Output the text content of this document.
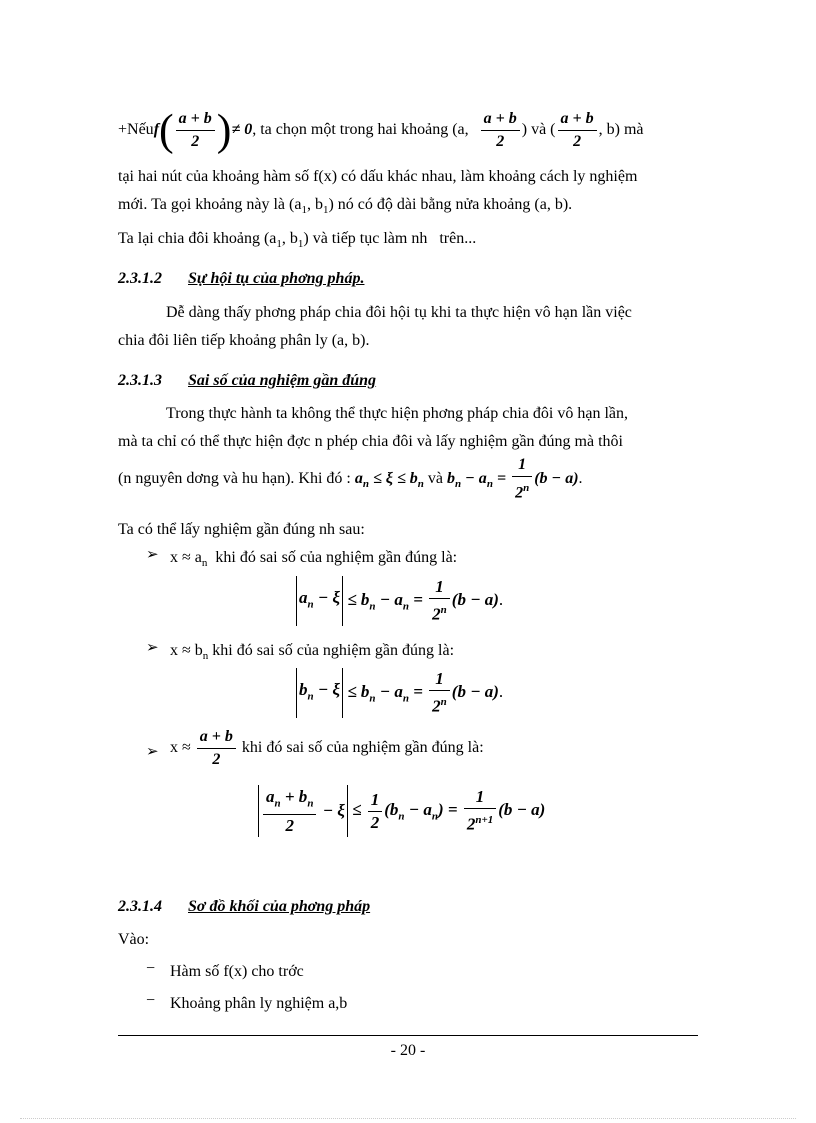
+Nếuf( $\frac{a + b}{2}$ )≠ 0, ta chọn một trong hai khoảng (a, $\frac{a + b}{2}$ ) và ( $\frac{a + b}{2}$ , b) mà
tại hai nút của khoảng hàm số f(x) có dấu khác nhau, làm khoảng cách ly nghiệm
mới. Ta gọi khoảng này là ($a_1$, $b_1$) nó có độ dài bằng nửa khoảng (a, b).
Ta lại chia đôi khoảng ($a_1$, $b_1$) và tiếp tục làm nh   trên...
2.3.1.2 Sự hội tụ của phơng pháp.
Dễ dàng thấy phơng pháp chia đôi hội tụ khi ta thực hiện vô hạn lần việc
chia đôi liên tiếp khoảng phân ly (a, b).
2.3.1.3 Sai số của nghiệm gần đúng
Trong thực hành ta không thể thực hiện phơng pháp chia đôi vô hạn lần,
mà ta chỉ có thể thực hiện đợc n phép chia đôi và lấy nghiệm gần đúng mà thôi
(n nguyên dơng và hu hạn). Khi đó : $a_n \le \xi \le b_n$ và $b_n - a_n = \frac{1}{2^n} (b - a)$.
Ta có thể lấy nghiệm gần đúng nh sau:
➢ $x \approx a_n$ khi đó sai số của nghiệm gần đúng là:
$a_n - \xi \le b_n - a_n = \frac{1}{2^n} (b - a)$.
➢ $x \approx b_n$ khi đó sai số của nghiệm gần đúng là:
$b_n - \xi \le b_n - a_n = \frac{1}{2^n} (b - a)$.
➢ $x \approx \frac{a + b}{2}$ khi đó sai số của nghiệm gần đúng là:
$\frac{a_n + b_n}{2} - \xi \le \frac{1}{2} (b_n - a_n) = \frac{1}{2^{n+1}} (b - a)$
2.3.1.4 Sơ đồ khối của phơng pháp
Vào:
− Hàm số f(x) cho trớc
− Khoảng phân ly nghiệm a,b
- 20 -
